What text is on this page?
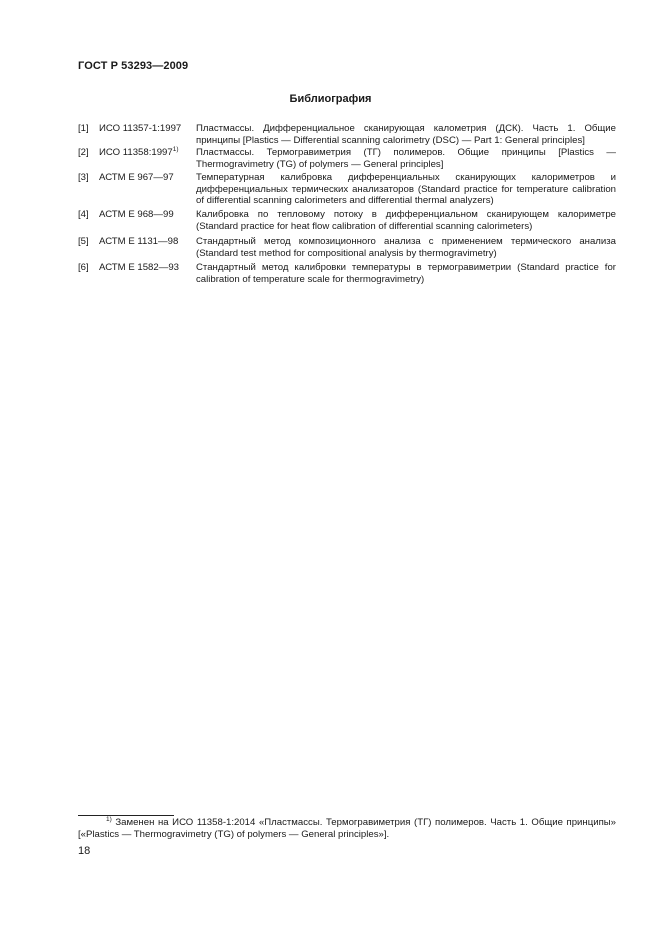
ГОСТ Р 53293—2009
Библиография
[1] ИСО 11357-1:1997 Пластмассы. Дифференциальное сканирующая калометрия (ДСК). Часть 1. Общие принципы [Plastics — Differential scanning calorimetry (DSC) — Part 1: General principles]
[2] ИСО 11358:1997$^{1)}$ Пластмассы. Термогравиметрия (ТГ) полимеров. Общие принципы [Plastics — Thermogravimetry (TG) of polymers — General principles]
[3] АСТМ Е 967—97 Температурная калибровка дифференциальных сканирующих калориметров и дифференциальных термических анализаторов (Standard practice for temperature calibration of differential scanning calorimeters and differential thermal analyzers)
[4] АСТМ Е 968—99 Калибровка по тепловому потоку в дифференциальном сканирующем калориметре (Standard practice for heat flow calibration of differential scanning calorimeters)
[5] АСТМ Е 1131—98 Стандартный метод композиционного анализа с применением термического анализа (Standard test method for compositional analysis by thermogravimetry)
[6] АСТМ Е 1582—93 Стандартный метод калибровки температуры в термогравиметрии (Standard practice for calibration of temperature scale for thermogravimetry)
$^{1)}$ Заменен на ИСО 11358-1:2014 «Пластмассы. Термогравиметрия (ТГ) полимеров. Часть 1. Общие принципы» [«Plastics — Thermogravimetry (TG) of polymers — General principles»].
18
